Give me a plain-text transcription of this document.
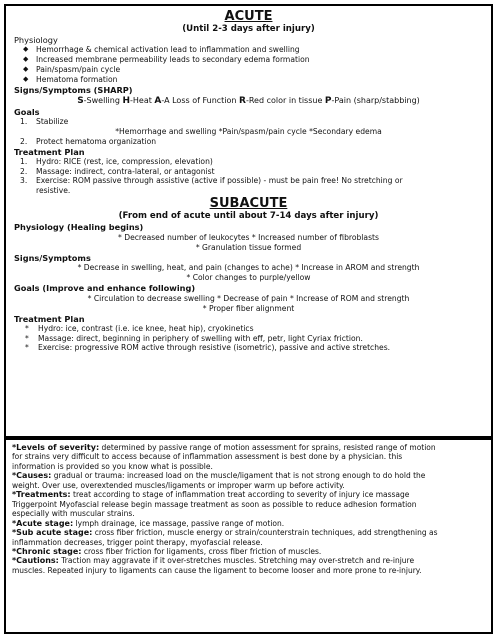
ACUTE
(Until 2-3 days after injury)
Physiology
◆ Hemorrhage & chemical activation lead to inflammation and swelling
◆ Increased membrane permeability leads to secondary edema formation
◆ Pain/spasm/pain cycle
◆ Hematoma formation
Signs/Symptoms (SHARP)
S-Swelling H-Heat A-A Loss of Function R-Red color in tissue P-Pain (sharp/stabbing)
Goals
1. Stabilize
*Hemorrhage and swelling *Pain/spasm/pain cycle *Secondary edema
2. Protect hematoma organization
Treatment Plan
1. Hydro: RICE (rest, ice, compression, elevation)
2. Massage: indirect, contra-lateral, or antagonist
3. Exercise: ROM passive through assistive (active if possible) - must be pain free! No stretching or
resistive.
SUBACUTE
(From end of acute until about 7-14 days after injury)
Physiology (Healing begins)
* Decreased number of leukocytes * Increased number of fibroblasts
* Granulation tissue formed
Signs/Symptoms
* Decrease in swelling, heat, and pain (changes to ache) * Increase in AROM and strength
* Color changes to purple/yellow
Goals (Improve and enhance following)
* Circulation to decrease swelling * Decrease of pain * Increase of ROM and strength
* Proper fiber alignment
Treatment Plan
* Hydro: ice, contrast (i.e. ice knee, heat hip), cryokinetics
* Massage: direct, beginning in periphery of swelling with eff, petr, light Cyriax friction.
* Exercise: progressive ROM active through resistive (isometric), passive and active stretches.
*Levels of severity: determined by passive range of motion assessment for sprains, resisted range of motion
for strains very difficult to access because of inflammation assessment is best done by a physician. this
information is provided so you know what is possible.
*Causes: gradual or trauma: increased load on the muscle/ligament that is not strong enough to do hold the
weight. Over use, overextended muscles/ligaments or improper warm up before activity.
*Treatments: treat according to stage of inflammation treat according to severity of injury ice massage
Triggerpoint Myofascial release begin massage treatment as soon as possible to reduce adhesion formation
especially with muscular strains.
*Acute stage: lymph drainage, ice massage, passive range of motion.
*Sub acute stage: cross fiber friction, muscle energy or strain/counterstrain techniques, add strengthening as
inflammation decreases, trigger point therapy, myofascial release.
*Chronic stage: cross fiber friction for ligaments, cross fiber friction of muscles.
*Cautions: Traction may aggravate if it over-stretches muscles. Stretching may over-stretch and re-injure
muscles. Repeated injury to ligaments can cause the ligament to become looser and more prone to re-injury.
